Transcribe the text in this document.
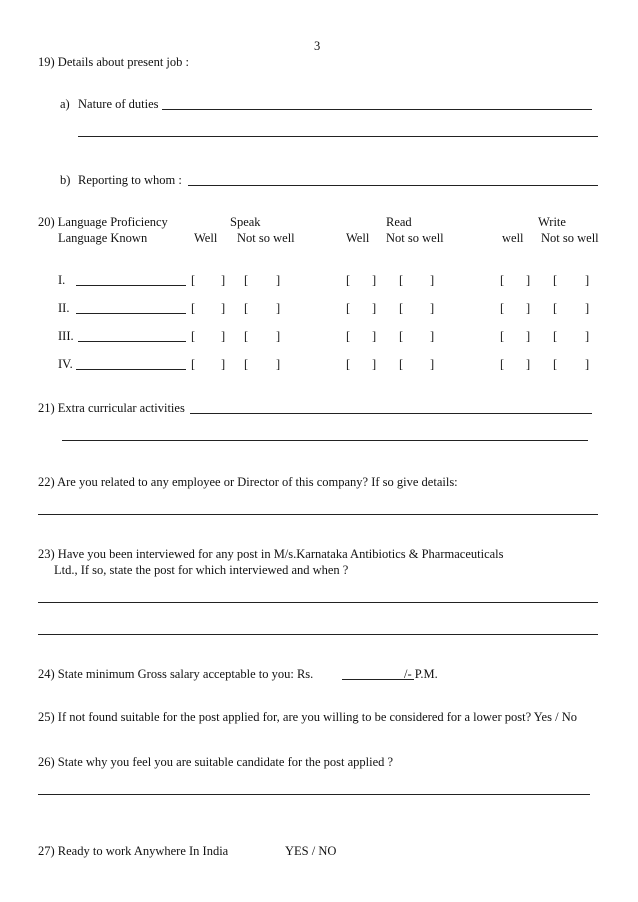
3
19) Details about present job :
a) Nature of duties
b) Reporting to whom :
20) Language Proficiency	Speak	Read	Write
Language Known	Well Not so well	Well Not so well	well Not so well
I.	[ ] [ ]	[ ] [ ]	[ ] [ ]
II.	[ ] [ ]	[ ] [ ]	[ ] [ ]
III.	[ ] [ ]	[ ] [ ]	[ ] [ ]
IV.	[ ] [ ]	[ ] [ ]	[ ] [ ]
21) Extra curricular activities
22) Are you related to any employee or Director of this company? If so give details:
23) Have you been interviewed for any post in M/s.Karnataka Antibiotics & Pharmaceuticals
Ltd., If so, state the post for which interviewed and when ?
24) State minimum Gross salary acceptable to you: Rs.	/- P.M.
25) If not found suitable for the post applied for, are you willing to be considered for a lower post? Yes / No
26) State why you feel you are suitable candidate for the post applied ?
27) Ready to work Anywhere In India	YES / NO
